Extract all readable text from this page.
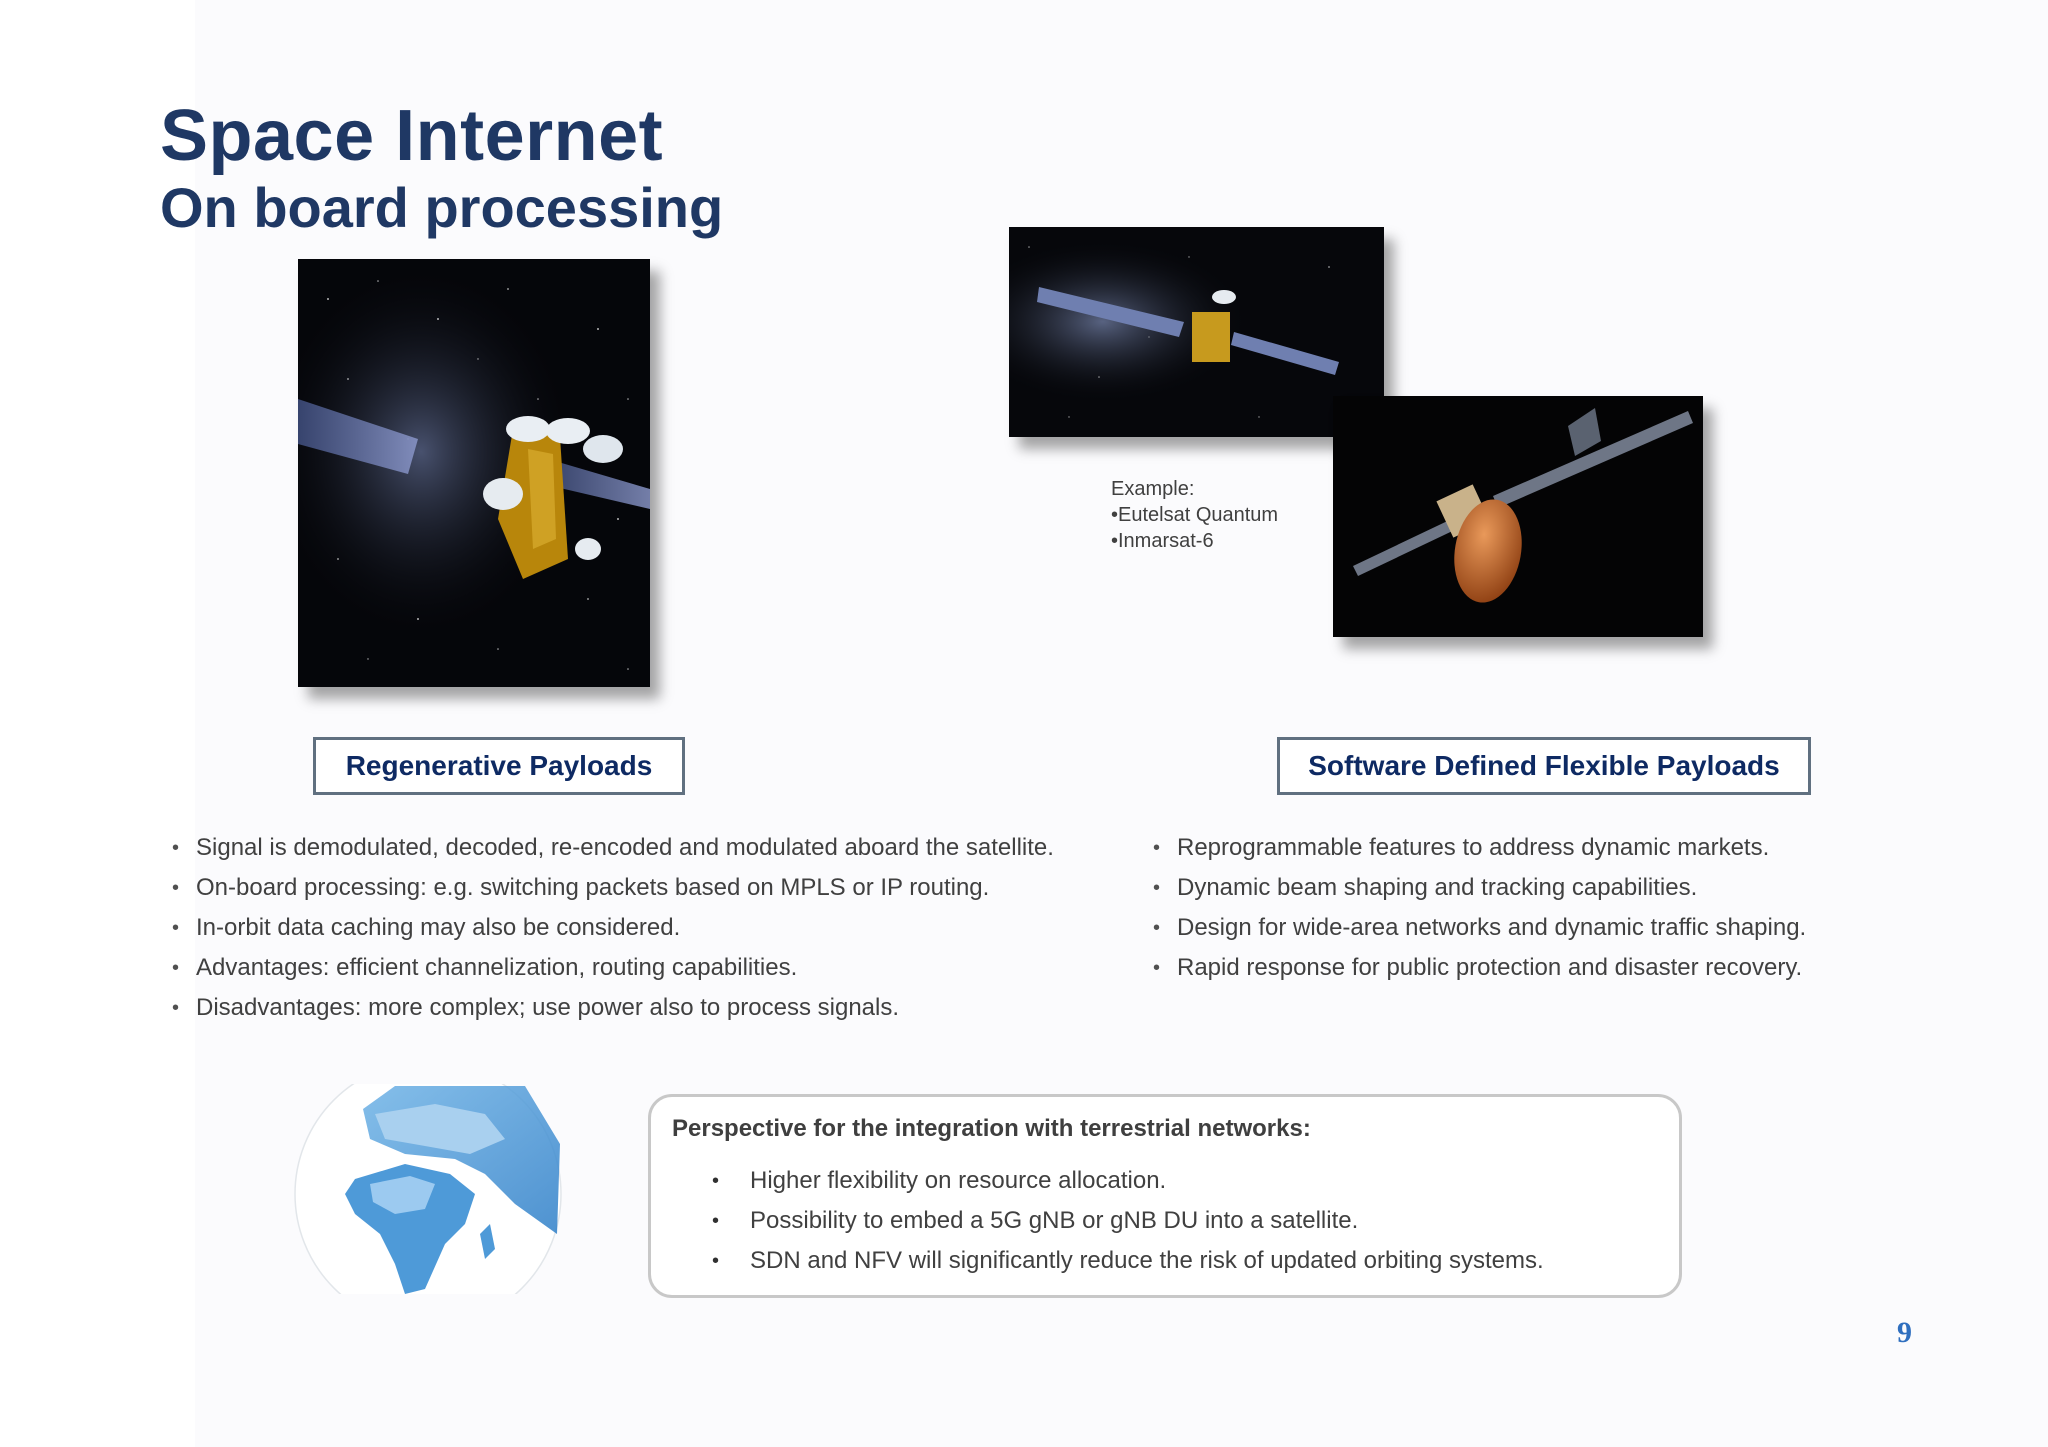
Space Internet
On board processing
Example:
•Eutelsat Quantum
•Inmarsat-6
Regenerative Payloads	Software Defined Flexible Payloads
• Signal is demodulated, decoded, re-encoded and modulated aboard the satellite.
• On-board processing: e.g. switching packets based on MPLS or IP routing.
• In-orbit data caching may also be considered.
• Advantages: efficient channelization, routing capabilities.
• Disadvantages: more complex; use power also to process signals.
• Reprogrammable features to address dynamic markets.
• Dynamic beam shaping and tracking capabilities.
• Design for wide-area networks and dynamic traffic shaping.
• Rapid response for public protection and disaster recovery.
Perspective for the integration with terrestrial networks:
• Higher flexibility on resource allocation.
• Possibility to embed a 5G gNB or gNB DU into a satellite.
• SDN and NFV will significantly reduce the risk of updated orbiting systems.
9
